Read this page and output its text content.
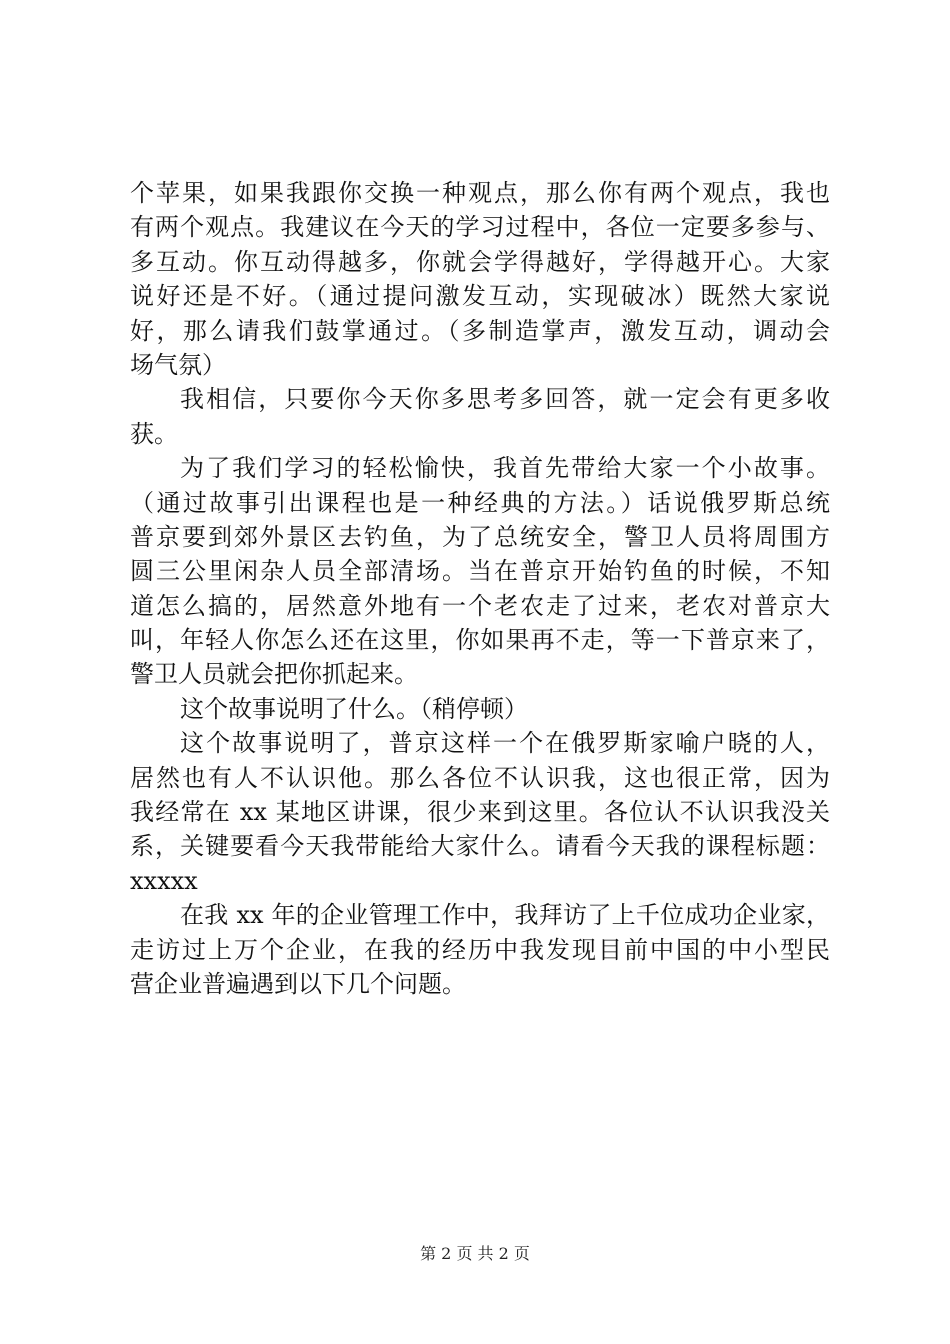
个苹果，如果我跟你交换一种观点，那么你有两个观点，我也
有两个观点。我建议在今天的学习过程中，各位一定要多参与、
多互动。你互动得越多，你就会学得越好，学得越开心。大家
说好还是不好。（通过提问激发互动，实现破冰）既然大家说
好，那么请我们鼓掌通过。（多制造掌声，激发互动，调动会
场气氛）
我相信，只要你今天你多思考多回答，就一定会有更多收
获。
为了我们学习的轻松愉快，我首先带给大家一个小故事。
（通过故事引出课程也是一种经典的方法。）话说俄罗斯总统
普京要到郊外景区去钓鱼，为了总统安全，警卫人员将周围方
圆三公里闲杂人员全部清场。当在普京开始钓鱼的时候，不知
道怎么搞的，居然意外地有一个老农走了过来，老农对普京大
叫，年轻人你怎么还在这里，你如果再不走，等一下普京来了，
警卫人员就会把你抓起来。
这个故事说明了什么。（稍停顿）
这个故事说明了，普京这样一个在俄罗斯家喻户晓的人，
居然也有人不认识他。那么各位不认识我，这也很正常，因为
我经常在 xx 某地区讲课，很少来到这里。各位认不认识我没关
系，关键要看今天我带能给大家什么。请看今天我的课程标题：
xxxxx
在我 xx 年的企业管理工作中，我拜访了上千位成功企业家，
走访过上万个企业，在我的经历中我发现目前中国的中小型民
营企业普遍遇到以下几个问题。
第 2 页 共 2 页
